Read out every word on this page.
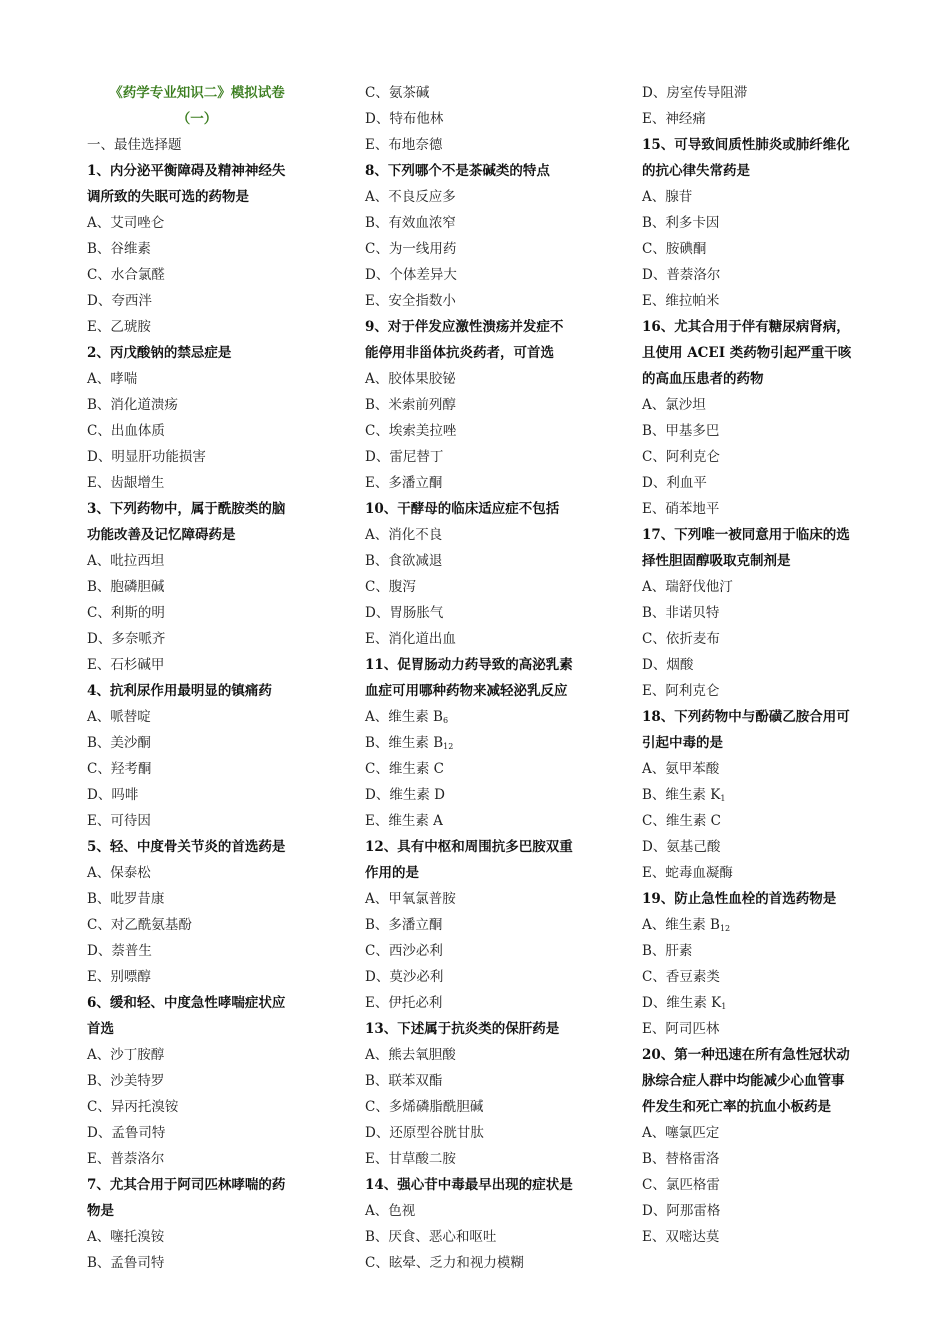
《药学专业知识二》模拟试卷
（一）
一、最佳选择题
1、内分泌平衡障碍及精神神经失
调所致的失眠可选的药物是
A、艾司唑仑
B、谷维素
C、水合氯醛
D、夸西泮
E、乙琥胺
2、丙戊酸钠的禁忌症是
A、哮喘
B、消化道溃疡
C、出血体质
D、明显肝功能损害
E、齿龈增生
3、下列药物中，属于酰胺类的脑
功能改善及记忆障碍药是
A、吡拉西坦
B、胞磷胆碱
C、利斯的明
D、多奈哌齐
E、石杉碱甲
4、抗利尿作用最明显的镇痛药
A、哌替啶
B、美沙酮
C、羟考酮
D、吗啡
E、可待因
5、轻、中度骨关节炎的首选药是
A、保泰松
B、吡罗昔康
C、对乙酰氨基酚
D、萘普生
E、别嘌醇
6、缓和轻、中度急性哮喘症状应
首选
A、沙丁胺醇
B、沙美特罗
C、异丙托溴铵
D、孟鲁司特
E、普萘洛尔
7、尤其合用于阿司匹林哮喘的药
物是
A、噻托溴铵
B、孟鲁司特
C、氨茶碱
D、特布他林
E、布地奈德
8、下列哪个不是茶碱类的特点
A、不良反应多
B、有效血浓窄
C、为一线用药
D、个体差异大
E、安全指数小
9、对于伴发应激性溃疡并发症不
能停用非甾体抗炎药者，可首选
A、胶体果胶铋
B、米索前列醇
C、埃索美拉唑
D、雷尼替丁
E、多潘立酮
10、干酵母的临床适应症不包括
A、消化不良
B、食欲减退
C、腹泻
D、胃肠胀气
E、消化道出血
11、促胃肠动力药导致的高泌乳素
血症可用哪种药物来减轻泌乳反应
A、维生素 $B_6$
B、维生素 $B_{12}$
C、维生素 C
D、维生素 D
E、维生素 A
12、具有中枢和周围抗多巴胺双重
作用的是
A、甲氧氯普胺
B、多潘立酮
C、西沙必利
D、莫沙必利
E、伊托必利
13、下述属于抗炎类的保肝药是
A、熊去氧胆酸
B、联苯双酯
C、多烯磷脂酰胆碱
D、还原型谷胱甘肽
E、甘草酸二胺
14、强心苷中毒最早出现的症状是
A、色视
B、厌食、恶心和呕吐
C、眩晕、乏力和视力模糊
D、房室传导阻滞
E、神经痛
15、可导致间质性肺炎或肺纤维化
的抗心律失常药是
A、腺苷
B、利多卡因
C、胺碘酮
D、普萘洛尔
E、维拉帕米
16、尤其合用于伴有糖尿病肾病，
且使用 ACEI 类药物引起严重干咳
的高血压患者的药物
A、氯沙坦
B、甲基多巴
C、阿利克仑
D、利血平
E、硝苯地平
17、下列唯一被同意用于临床的选
择性胆固醇吸取克制剂是
A、瑞舒伐他汀
B、非诺贝特
C、依折麦布
D、烟酸
E、阿利克仑
18、下列药物中与酚磺乙胺合用可
引起中毒的是
A、氨甲苯酸
B、维生素 $K_1$
C、维生素 C
D、氨基己酸
E、蛇毒血凝酶
19、防止急性血栓的首选药物是
A、维生素 $B_{12}$
B、肝素
C、香豆素类
D、维生素 $K_1$
E、阿司匹林
20、第一种迅速在所有急性冠状动
脉综合症人群中均能减少心血管事
件发生和死亡率的抗血小板药是
A、噻氯匹定
B、替格雷洛
C、氯匹格雷
D、阿那雷格
E、双嘧达莫
